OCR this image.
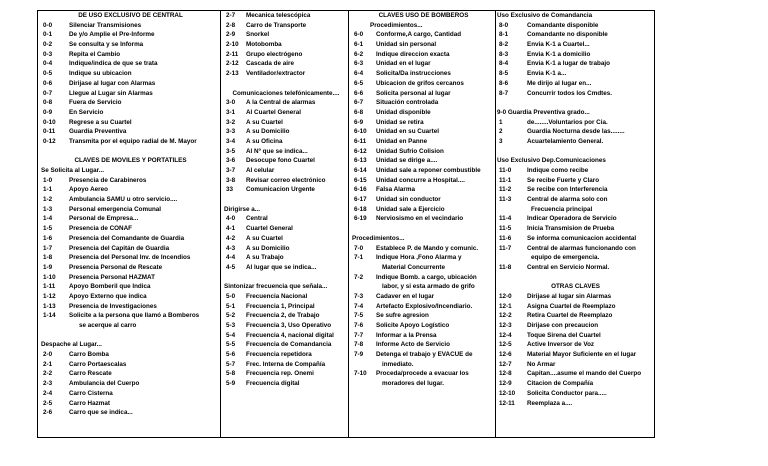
DE USO EXCLUSIVO DE CENTRAL
0-0	Silenciar Transmisiones
0-1	De y/o Amplie el Pre-Informe
0-2	Se consulta y se Informa
0-3	Repita el Cambio
0-4	Indique/indica de que se trata
0-5	Indique su ubicacion
0-6	Dirijase al lugar con Alarmas
0-7	Llegue al Lugar sin Alarmas
0-8	Fuera de Servicio
0-9	En Servicio
0-10 Regrese a su Cuartel
0-11 Guardia Preventiva
0-12 Transmita por el equipo radial de M. Mayor
CLAVES DE MOVILES Y PORTATILES
Se Solicita al Lugar...
1-0	Presencia de Carabineros
1-1	Apoyo Aereo
1-2	Ambulancia SAMU u otro servicio....
1-3	Personal emergencia Comunal
1-4	Personal de Empresa...
1-5	Presencia de CONAF
1-6	Presencia del Comandante de Guardia
1-7	Presencia del Capitán de Guardia
1-8	Presencia del Personal Inv. de Incendios
1-9	Presencia Personal de Rescate
1-10 Presencia Personal HAZMAT
1-11 Apoyo Bomberil que Indica
1-12 Apoyo Externo que indica
1-13 Presencia de Investigaciones
1-14 Solicite a la persona que llamó a Bomberos
se acerque al carro
Despache al Lugar...
2-0	Carro Bomba
2-1	Carro Portaescalas
2-2	Carro Rescate
2-3	Ambulancia del Cuerpo
2-4	Carro Cisterna
2-5	Carro Hazmat
2-6	Carro que se indica...
2-7 Mecanica telescópica
2-8 Carro de Transporte
2-9 Snorkel
2-10 Motobomba
2-11 Grupo electrógeno
2-12 Cascada de aire
2-13 Ventilador/extractor
Comunicaciones telefónicamente....
3-0 A la Central de alarmas
3-1 Al Cuartel General
3-2 A su Cuartel
3-3 A su Domicilio
3-4 A su Oficina
3-5 Al Nº que se indica...
3-6 Desocupe fono Cuartel
3-7 Al celular
3-8 Revisar correo electrónico
33 Comunicacion Urgente
Dirigirse a...
4-0 Central
4-1 Cuartel General
4-2 A su Cuartel
4-3 A su Domicilio
4-4 A su Trabajo
4-5 Al lugar que se indica...
Sintonizar frecuencia que señala...
5-0 Frecuencia Nacional
5-1 Frecuencia 1, Principal
5-2 Frecuencia 2, de Trabajo
5-3 Frecuencia 3, Uso Operativo
5-4 Frecuencia 4, nacional digital
5-5 Frecuencia de Comandancia
5-6 Frecuencia repetidora
5-7 Frec. Interna de Compañía
5-8 Frecuencia rep. Onemi
5-9 Frecuencia digital
CLAVES USO DE BOMBEROS
Procedimientos...
6-0 Conforme,A cargo, Cantidad
6-1 Unidad sin personal
6-2 Indique direccion exacta
6-3 Unidad en el lugar
6-4 Solicita/Da instrucciones
6-5 Ubicacion de grifos cercanos
6-6 Solicita personal al lugar
6-7 Situación controlada
6-8 Unidad disponible
6-9 Unidad se retira
6-10 Unidad en su Cuartel
6-11 Unidad en Panne
6-12 Unidad Sufrio Colision
6-13 Unidad se dirige a....
6-14 Unidad sale a reponer combustible
6-15 Unidad concurre a Hospital....
6-16 Falsa Alarma
6-17 Unidad sin conductor
6-18 Unidad sale a Ejercicio
6-19 Nerviosismo en el vecindario
Procedimientos...
7-0 Establece P. de Mando y comunic.
7-1 Indique Hora ,Fono Alarma y
Material Concurrente
7-2 Indique Bomb. a cargo, ubicación
labor, y si esta armado de grifo
7-3 Cadaver en el lugar
7-4 Artefacto Explosivo/Incendiario.
7-5 Se sufre agresion
7-6 Solicite Apoyo Logístico
7-7 Informar a la Prensa
7-8 Informe Acto de Servicio
7-9 Detenga el trabajo y EVACUE de
inmediato.
7-10 Proceda/procede a evacuar los
moradores del lugar.
Uso Exclusivo de Comandancia
8-0	Comandante disponible
8-1	Comandante no disponible
8-2	Envia K-1 a Cuartel...
8-3	Envia K-1 a domicilio
8-4	Envia K-1 a lugar de trabajo
8-5	Envia K-1 a...
8-6	Me dirijo al lugar en...
8-7	Concurrir todos los Cmdtes.
9-0 Guardia Preventiva grado...
1	de........Voluntarios por Cia.
2	Guardia Nocturna desde las........
3	Acuartelamiento General.
Uso Exclusivo Dep.Comunicaciones
11-0 Indique como recibe
11-1 Se recibe Fuerte y Claro
11-2 Se recibe con Interferencia
11-3 Central de alarma solo con
Frecuencia principal
11-4 Indicar Operadora de Servicio
11-5 Inicia Transmision de Prueba
11-6 Se informa comunicacion accidental
11-7 Central de alarmas funcionando con
equipo de emergencia.
11-8 Central en Servicio Normal.
OTRAS CLAVES
12-0 Dirijase al lugar sin Alarmas
12-1 Asigna Cuartel de Reemplazo
12-2 Retira Cuartel de Reemplazo
12-3 Dirijase con precaucion
12-4 Toque Sirena del Cuartel
12-5 Active Inversor de Voz
12-6 Material Mayor Suficiente en el lugar
12-7 No Armar
12-8 Capitan....asume el mando del Cuerpo
12-9 Citacion de Compañía
12-10 Solicita Conductor para.....
12-11 Reemplaza a....
